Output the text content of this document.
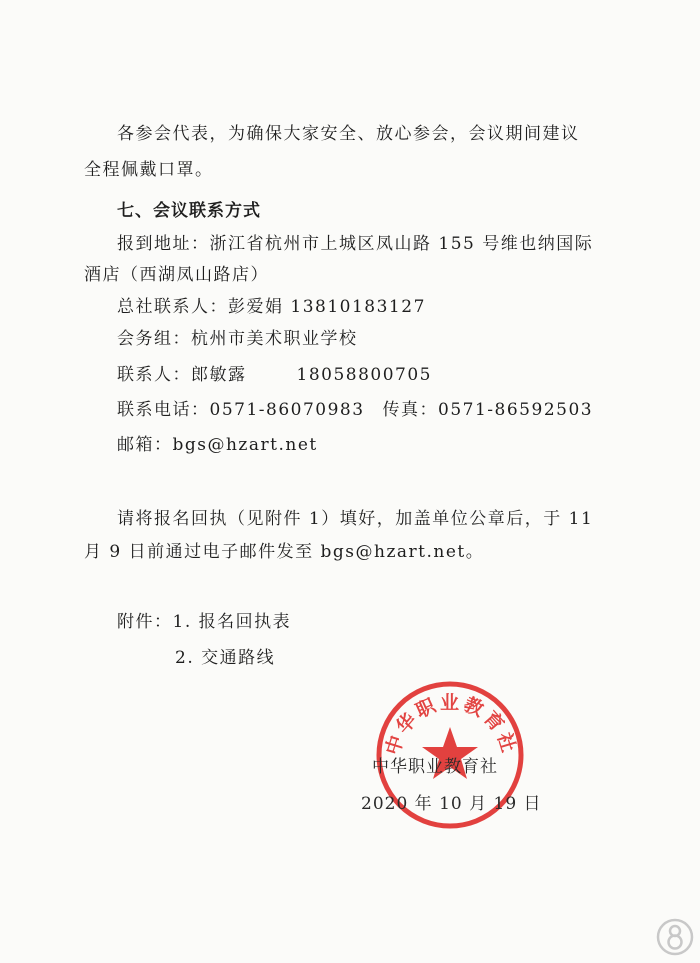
各参会代表，为确保大家安全、放心参会，会议期间建议
全程佩戴口罩。
七、会议联系方式
报到地址：浙江省杭州市上城区凤山路 155 号维也纳国际
酒店（西湖凤山路店）
总社联系人：彭爱娟 13810183127
会务组：杭州市美术职业学校
联系人：郎敏露	18058800705
联系电话：0571-86070983 传真：0571-86592503
邮箱：bgs@hzart.net
请将报名回执（见附件 1）填好，加盖单位公章后，于 11
月 9 日前通过电子邮件发至 bgs@hzart.net。
附件：1. 报名回执表
2. 交通路线
中华职业教育社
中华职业教育社
2020 年 10 月 19 日
